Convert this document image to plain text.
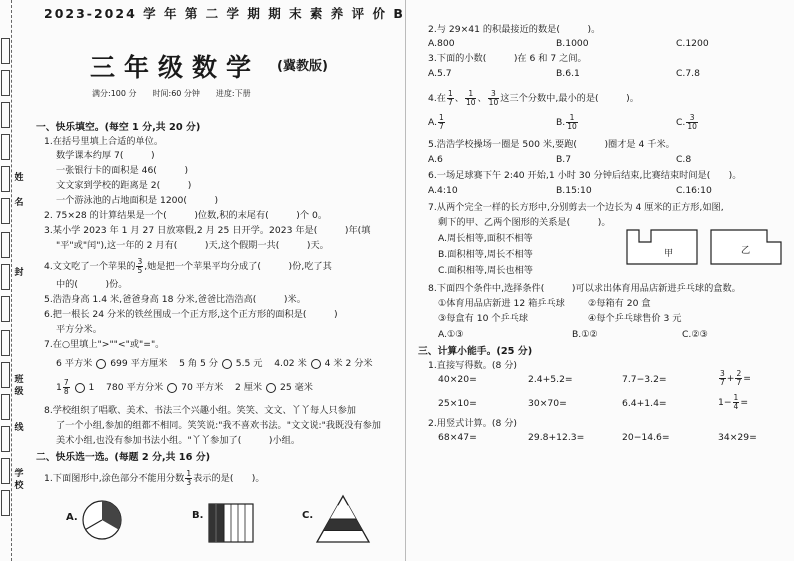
姓
名
封
班
级
线
学
校
2023-2024 学 年 第 二 学 期 期 末 素 养 评 价 B
三年级数学 (冀教版)
满分:100 分　　时间:60 分钟　　进度:下册
一、快乐填空。(每空 1 分,共 20 分)
1.在括号里填上合适的单位。
数学课本约厚 7(　　　)
一张银行卡的面积是 46(　　　)
文文家到学校的距离是 2(　　　)
一个游泳池的占地面积是 1200(　　　)
2. 75×28 的计算结果是一个(　　　)位数,积的末尾有(　　　)个 0。
3.某小学 2023 年 1 月 27 日放寒假,2 月 25 日开学。2023 年是(　　　)年(填
"平"或"闰"),这一年的 2 月有(　　　)天,这个假期一共(　　　)天。
4.文文吃了一个苹果的 $\frac{3}{5}$ ,她是把一个苹果平均分成了(　　　)份,吃了其
中的(　　　)份。
5.浩浩身高 1.4 米,爸爸身高 18 分米,爸爸比浩浩高(　　　)米。
6.把一根长 24 分米的铁丝围成一个正方形,这个正方形的面积是(　　　)
平方分米。
7.在○里填上">""<"或"="。
6 平方米 699 平方厘米 5 角 5 分 5.5 元 4.02 米 4 米 2 分米
$1 \frac{7}{8} 1$ 780 平方分米 70 平方米 2 厘米 25 毫米
8.学校组织了唱歌、美术、书法三个兴趣小组。笑笑、文文、丫丫每人只参加
了一个小组,参加的组都不相同。笑笑说:"我不喜欢书法。"文文说:"我既没有参加
美术小组,也没有参加书法小组。"丫丫参加了(　　　)小组。
二、快乐选一选。(每题 2 分,共 16 分)
1.下面图形中,涂色部分不能用分数 $\frac{1}{3}$ 表示的是(　　)。
A.	B.	C.
2.与 29×41 的积最接近的数是(　　　)。
A.800	B.1000	C.1200
3.下面的小数(　　　)在 6 和 7 之间。
A.5.7	B.6.1	C.7.8
4.在 $\frac{1}{7}$ 、 $\frac{1}{10}$ 、 $\frac{3}{10}$ 这三个分数中,最小的是(　　　)。
A. $\frac{1}{7}$	B. $\frac{1}{10}$	C. $\frac{3}{10}$
5.浩浩学校操场一圈是 500 米,要跑(　　　)圈才是 4 千米。
A.6	B.7	C.8
6.一场足球赛下午 2:40 开始,1 小时 30 分钟后结束,比赛结束时间是(　　)。
A.4:10	B.15:10	C.16:10
7.从两个完全一样的长方形中,分别剪去一个边长为 4 厘米的正方形,如图,
剩下的甲、乙两个图形的关系是(　　　)。
A.周长相等,面积不相等
B.面积相等,周长不相等
C.面积相等,周长也相等
甲	乙
8.下面四个条件中,选择条件(　　　)可以求出体育用品店新进乒乓球的盒数。
①体育用品店新进 12 箱乒乓球	②每箱有 20 盒
③每盒有 10 个乒乓球	④每个乒乓球售价 3 元
A.①③	B.①②	C.②③
三、计算小能手。(25 分)
1.直接写得数。(8 分)
40×20=	2.4+5.2=	7.7−3.2=	$\frac{3}{7} + \frac{2}{7}$ =
25×10=	30×70=	6.4+1.4=	$1- \frac{1}{4}$ =
2.用竖式计算。(8 分)
68×47=	29.8+12.3=	20−14.6=	34×29=
